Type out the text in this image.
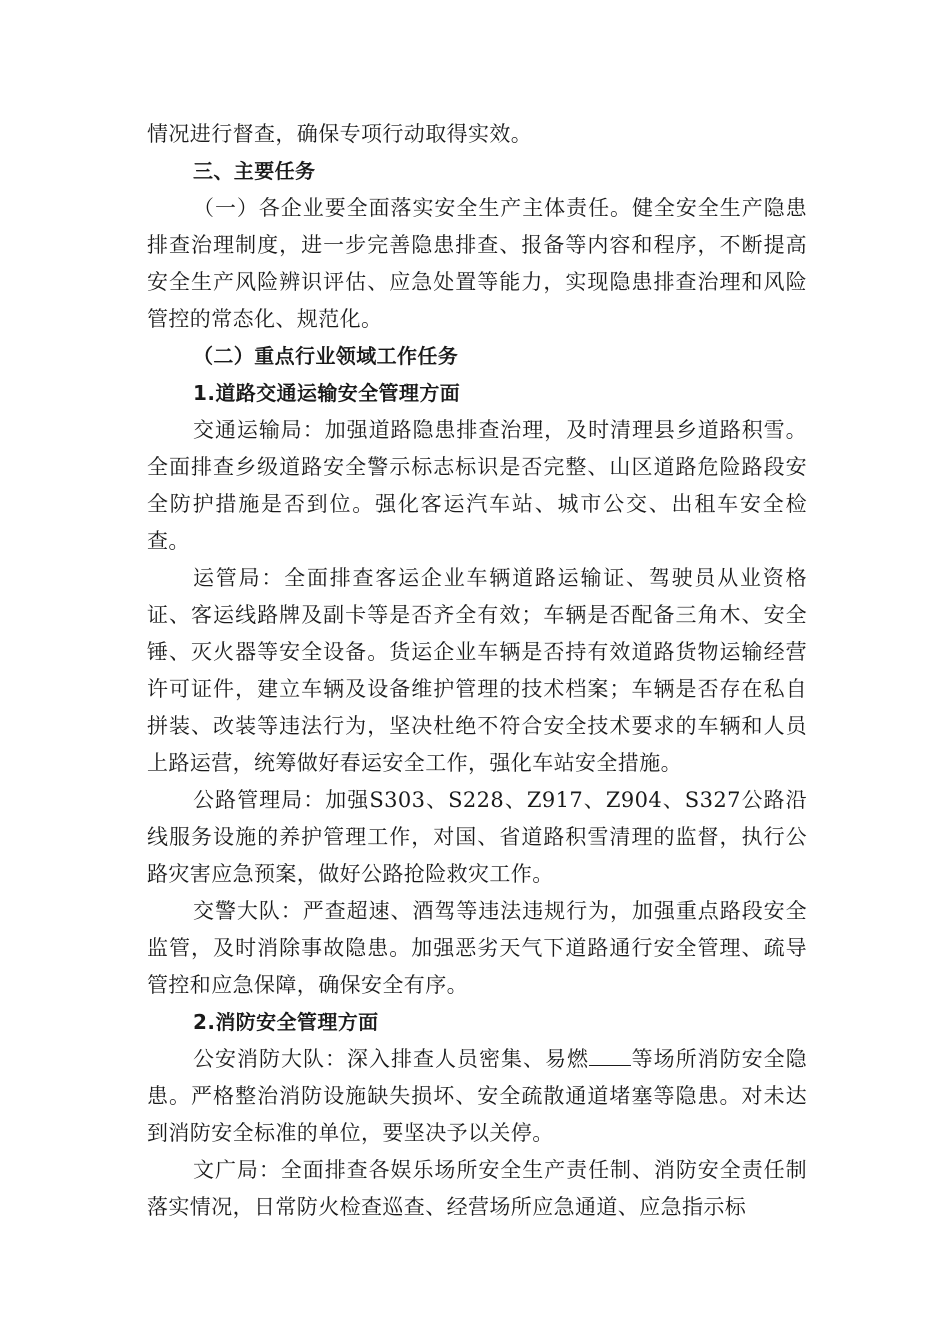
情况进行督查，确保专项行动取得实效。

三、主要任务

（一）各企业要全面落实安全生产主体责任。健全安全生产隐患排查治理制度，进一步完善隐患排查、报备等内容和程序，不断提高安全生产风险辨识评估、应急处置等能力，实现隐患排查治理和风险管控的常态化、规范化。

（二）重点行业领域工作任务

1.道路交通运输安全管理方面

交通运输局：加强道路隐患排查治理，及时清理县乡道路积雪。全面排查乡级道路安全警示标志标识是否完整、山区道路危险路段安全防护措施是否到位。强化客运汽车站、城市公交、出租车安全检查。

运管局：全面排查客运企业车辆道路运输证、驾驶员从业资格证、客运线路牌及副卡等是否齐全有效；车辆是否配备三角木、安全锤、灭火器等安全设备。货运企业车辆是否持有效道路货物运输经营许可证件，建立车辆及设备维护管理的技术档案；车辆是否存在私自拼装、改装等违法行为，坚决杜绝不符合安全技术要求的车辆和人员上路运营，统筹做好春运安全工作，强化车站安全措施。

公路管理局：加强S303、S228、Z917、Z904、S327公路沿线服务设施的养护管理工作，对国、省道路积雪清理的监督，执行公路灾害应急预案，做好公路抢险救灾工作。

交警大队：严查超速、酒驾等违法违规行为，加强重点路段安全监管，及时消除事故隐患。加强恶劣天气下道路通行安全管理、疏导管控和应急保障，确保安全有序。

2.消防安全管理方面

公安消防大队：深入排查人员密集、易燃 等场所消防安全隐患。严格整治消防设施缺失损坏、安全疏散通道堵塞等隐患。对未达到消防安全标准的单位，要坚决予以关停。

文广局：全面排查各娱乐场所安全生产责任制、消防安全责任制落实情况，日常防火检查巡查、经营场所应急通道、应急指示标
